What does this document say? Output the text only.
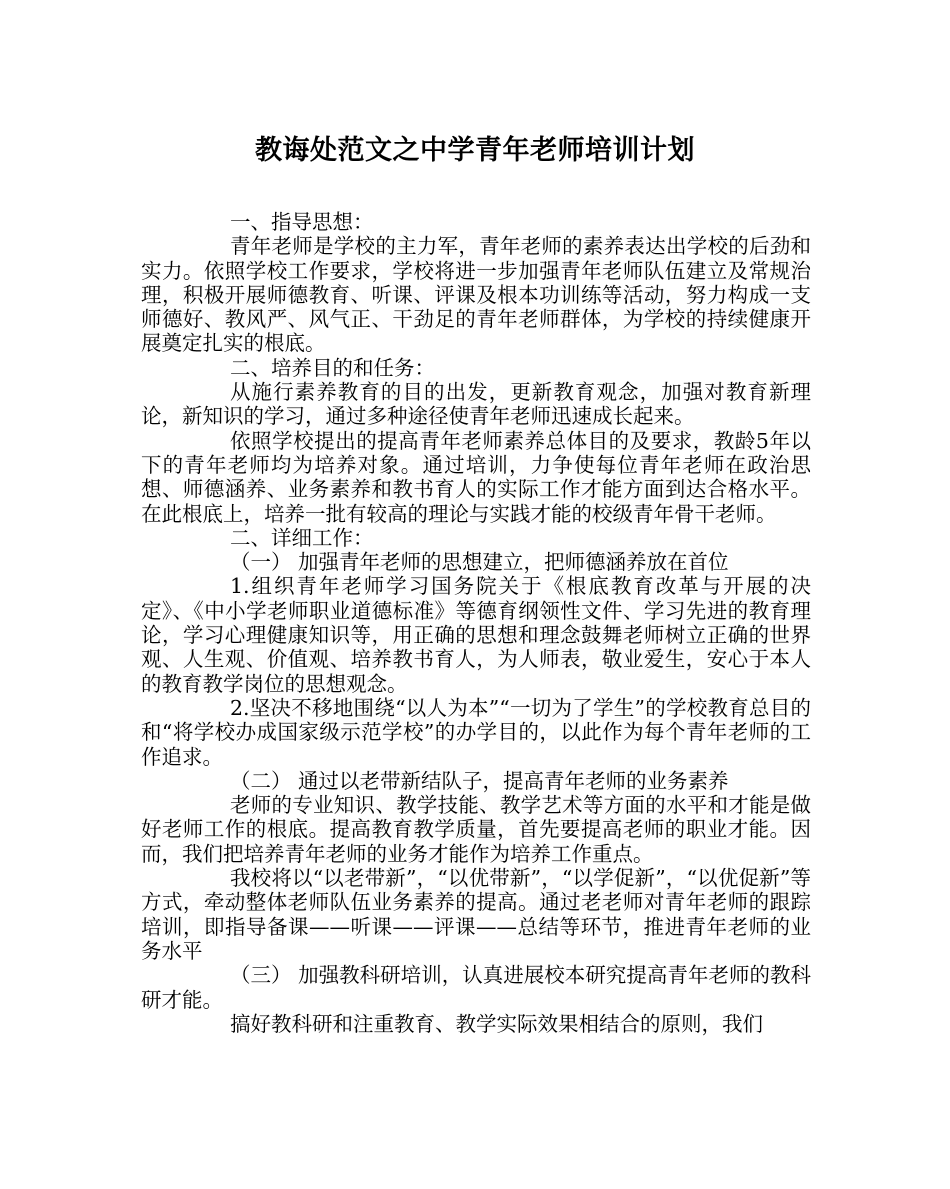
教诲处范文之中学青年老师培训计划

一、指导思想：

青年老师是学校的主力军，青年老师的素养表达出学校的后劲和实力。依照学校工作要求，学校将进一步加强青年老师队伍建立及常规治理，积极开展师德教育、听课、评课及根本功训练等活动，努力构成一支师德好、教风严、风气正、干劲足的青年老师群体，为学校的持续健康开展奠定扎实的根底。

二、培养目的和任务：

从施行素养教育的目的出发，更新教育观念，加强对教育新理论，新知识的学习，通过多种途径使青年老师迅速成长起来。

依照学校提出的提高青年老师素养总体目的及要求，教龄5年以下的青年老师均为培养对象。通过培训，力争使每位青年老师在政治思想、师德涵养、业务素养和教书育人的实际工作才能方面到达合格水平。在此根底上，培养一批有较高的理论与实践才能的校级青年骨干老师。

二、详细工作：

（一） 加强青年老师的思想建立，把师德涵养放在首位

1.组织青年老师学习国务院关于《根底教育改革与开展的决定》、《中小学老师职业道德标准》等德育纲领性文件、学习先进的教育理论，学习心理健康知识等，用正确的思想和理念鼓舞老师树立正确的世界观、人生观、价值观、培养教书育人，为人师表，敬业爱生，安心于本人的教育教学岗位的思想观念。

2.坚决不移地围绕“以人为本”“一切为了学生”的学校教育总目的和“将学校办成国家级示范学校”的办学目的，以此作为每个青年老师的工作追求。

（二） 通过以老带新结队子，提高青年老师的业务素养

老师的专业知识、教学技能、教学艺术等方面的水平和才能是做好老师工作的根底。提高教育教学质量，首先要提高老师的职业才能。因而，我们把培养青年老师的业务才能作为培养工作重点。

我校将以“以老带新”，“以优带新”，“以学促新”，“以优促新”等方式，牵动整体老师队伍业务素养的提高。通过老老师对青年老师的跟踪培训，即指导备课——听课——评课——总结等环节，推进青年老师的业务水平

（三） 加强教科研培训，认真进展校本研究提高青年老师的教科研才能。

搞好教科研和注重教育、教学实际效果相结合的原则，我们
